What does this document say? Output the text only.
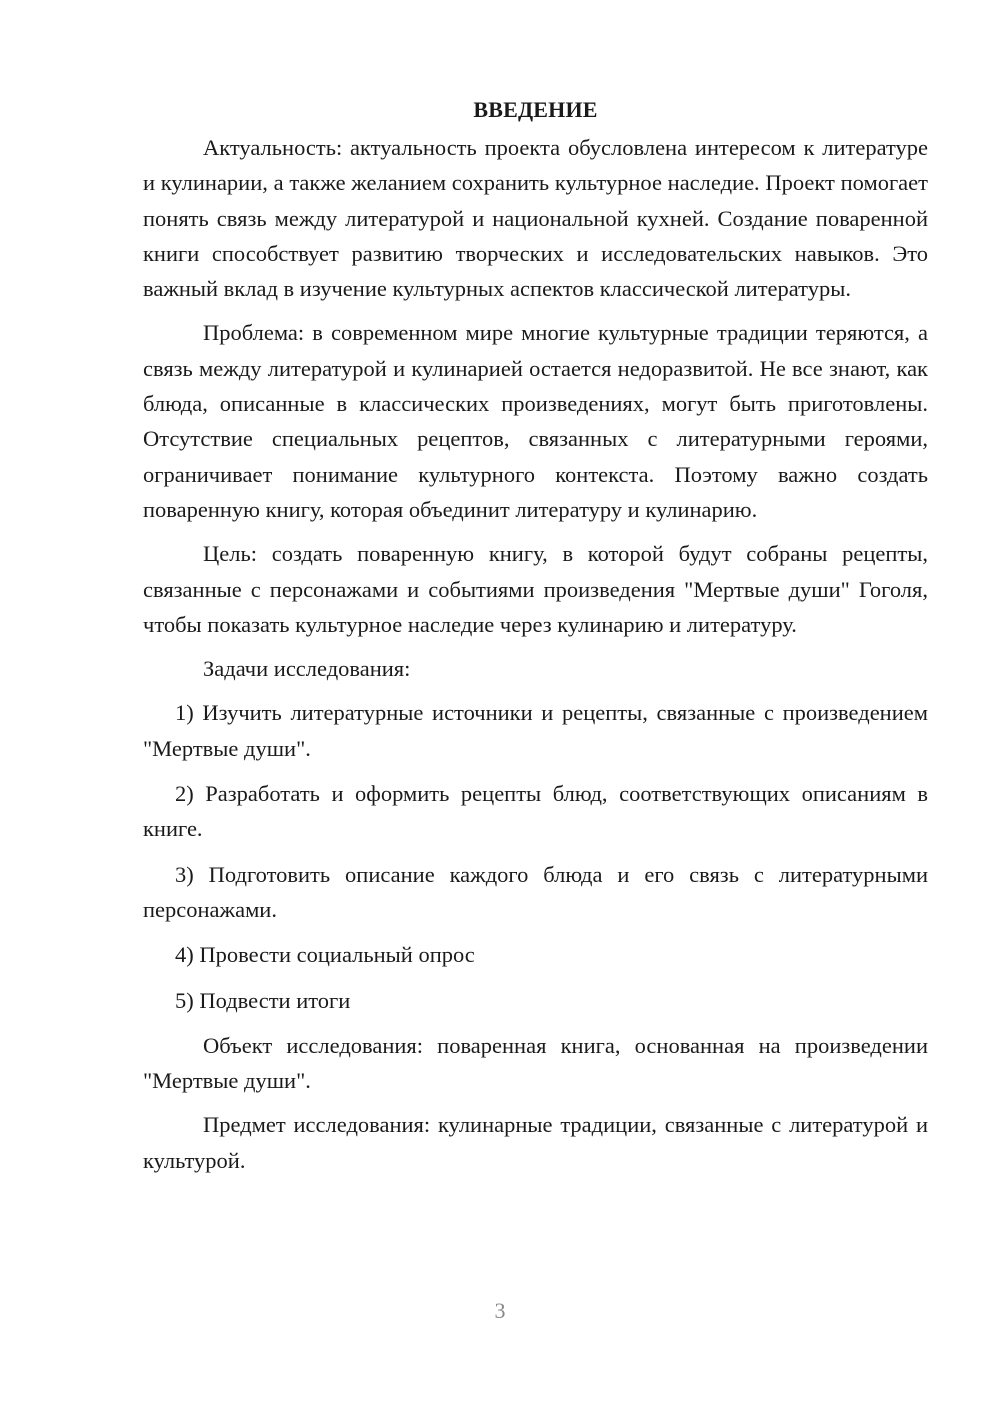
ВВЕДЕНИЕ

Актуальность: актуальность проекта обусловлена интересом к литературе и кулинарии, а также желанием сохранить культурное наследие. Проект помогает понять связь между литературой и национальной кухней. Создание поваренной книги способствует развитию творческих и исследовательских навыков. Это важный вклад в изучение культурных аспектов классической литературы.

Проблема: в современном мире многие культурные традиции теряются, а связь между литературой и кулинарией остается недоразвитой. Не все знают, как блюда, описанные в классических произведениях, могут быть приготовлены. Отсутствие специальных рецептов, связанных с литературными героями, ограничивает понимание культурного контекста. Поэтому важно создать поваренную книгу, которая объединит литературу и кулинарию.

Цель: создать поваренную книгу, в которой будут собраны рецепты, связанные с персонажами и событиями произведения "Мертвые души" Гоголя, чтобы показать культурное наследие через кулинарию и литературу.

Задачи исследования:

1) Изучить литературные источники и рецепты, связанные с произведением "Мертвые души".

2) Разработать и оформить рецепты блюд, соответствующих описаниям в книге.

3) Подготовить описание каждого блюда и его связь с литературными персонажами.

4) Провести социальный опрос

5) Подвести итоги

Объект исследования: поваренная книга, основанная на произведении "Мертвые души".

Предмет исследования: кулинарные традиции, связанные с литературой и культурой.

3
